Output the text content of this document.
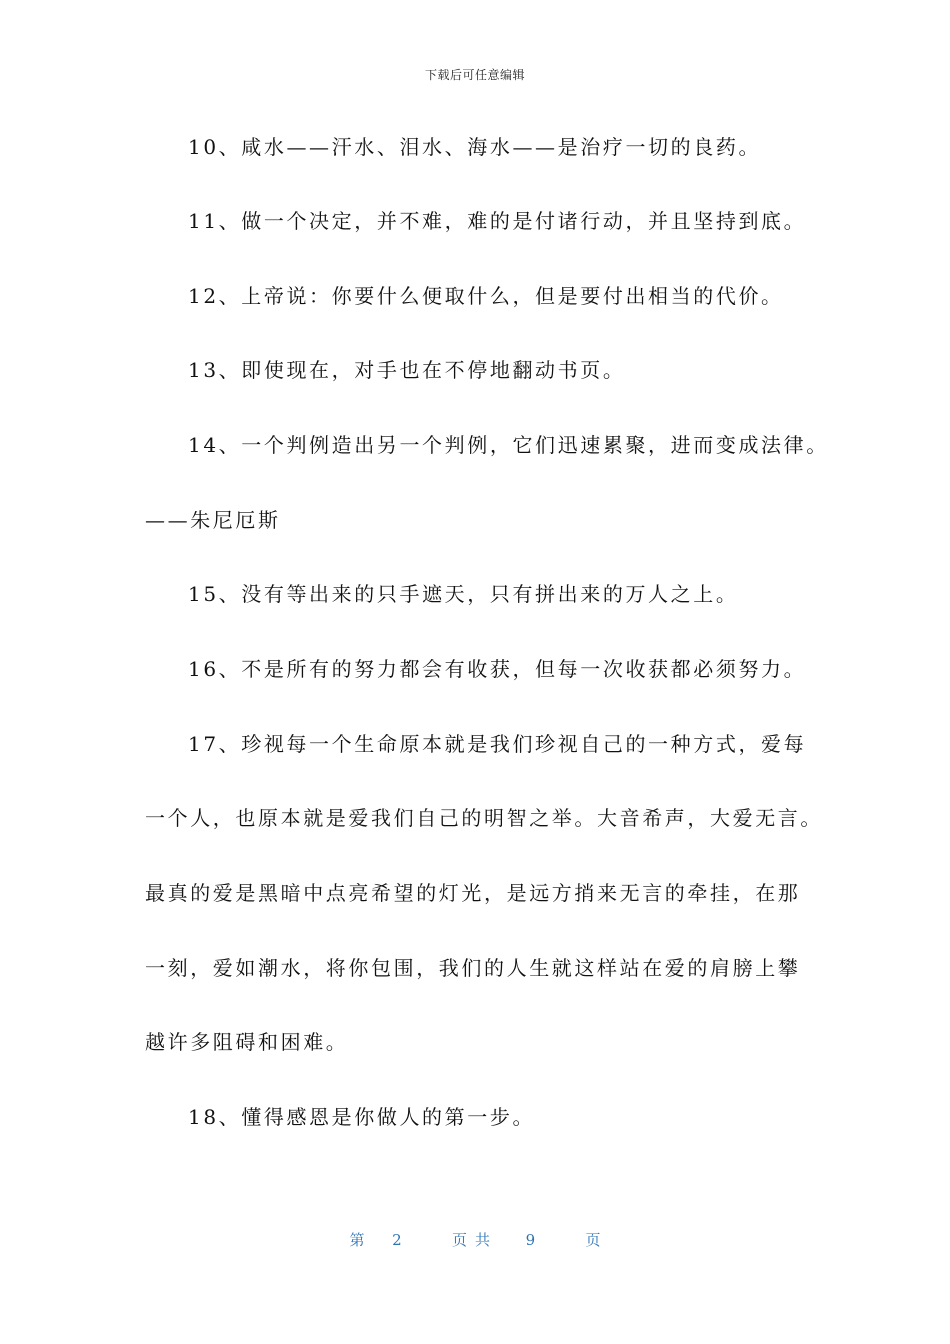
下载后可任意编辑
10、咸水——汗水、泪水、海水——是治疗一切的良药。
11、做一个决定，并不难，难的是付诸行动，并且坚持到底。
12、上帝说：你要什么便取什么，但是要付出相当的代价。
13、即使现在，对手也在不停地翻动书页。
14、一个判例造出另一个判例，它们迅速累聚，进而变成法律。
——朱尼厄斯
15、没有等出来的只手遮天，只有拼出来的万人之上。
16、不是所有的努力都会有收获，但每一次收获都必须努力。
17、珍视每一个生命原本就是我们珍视自己的一种方式，爱每
一个人，也原本就是爱我们自己的明智之举。大音希声，大爱无言。
最真的爱是黑暗中点亮希望的灯光，是远方捎来无言的牵挂，在那
一刻，爱如潮水，将你包围，我们的人生就这样站在爱的肩膀上攀
越许多阻碍和困难。
18、懂得感恩是你做人的第一步。
第 2	页共 9	页
